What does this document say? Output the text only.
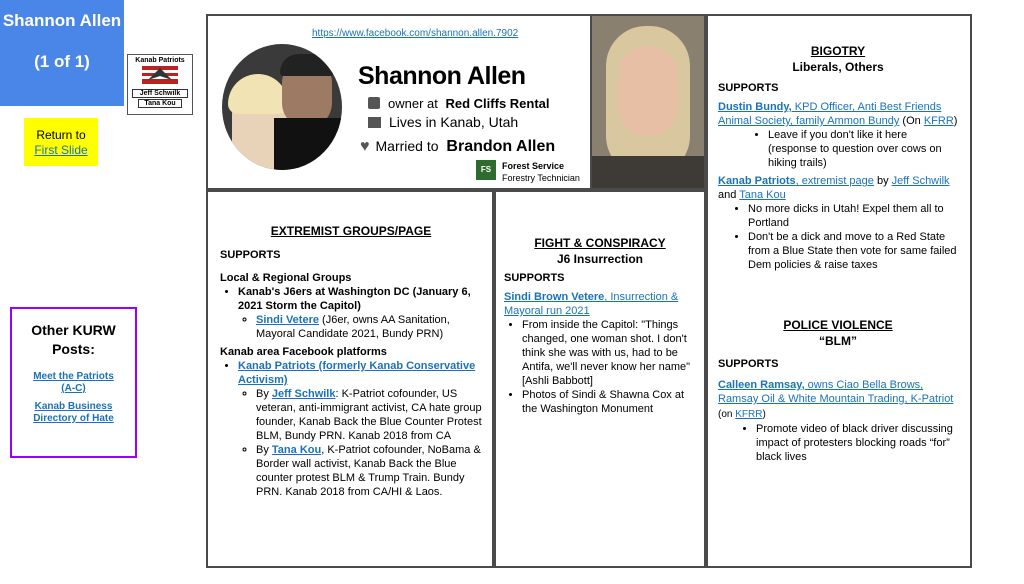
Shannon Allen
(1 of 1)	Kanab Patriots
Jeff Schwilk
Tana Kou
Return to
First Slide
Other KURW Posts:
Meet the Patriots (A-C)
Kanab Business Directory of Hate
https://www.facebook.com/shannon.allen.7902
Shannon Allen
owner at Red Cliffs Rental
Lives in Kanab, Utah
♥ Married to Brandon Allen
FS	Forest Service
Forestry Technician
EXTREMIST GROUPS/PAGE
SUPPORTS
Local & Regional Groups
• Kanab's J6ers at Washington DC (January 6, 2021 Storm the Capitol)
◦ Sindi Vetere (J6er, owns AA Sanitation, Mayoral Candidate 2021, Bundy PRN)
Kanab area Facebook platforms
• Kanab Patriots (formerly Kanab Conservative Activism)
◦ By Jeff Schwilk: K-Patriot cofounder, US veteran, anti-immigrant activist, CA hate group founder, Kanab Back the Blue Counter Protest BLM, Bundy PRN. Kanab 2018 from CA
◦ By Tana Kou, K-Patriot cofounder, NoBama & Border wall activist, Kanab Back the Blue counter protest BLM & Trump Train. Bundy PRN. Kanab 2018 from CA/HI & Laos.
FIGHT & CONSPIRACY
J6 Insurrection
SUPPORTS
Sindi Brown Vetere, Insurrection & Mayoral run 2021
• From inside the Capitol: "Things changed, one woman shot. I don't think she was with us, had to be Antifa, we'll never know her name" [Ashli Babbott]
• Photos of Sindi & Shawna Cox at the Washington Monument
BIGOTRY
Liberals, Others
SUPPORTS
Dustin Bundy, KPD Officer, Anti Best Friends Animal Society, family Ammon Bundy (On KFRR)
• Leave if you don't like it here (response to question over cows on hiking trails)
Kanab Patriots, extremist page by Jeff Schwilk and Tana Kou
• No more dicks in Utah! Expel them all to Portland
• Don't be a dick and move to a Red State from a Blue State then vote for same failed Dem policies & raise taxes
POLICE VIOLENCE
“BLM”
SUPPORTS
Calleen Ramsay, owns Ciao Bella Brows, Ramsay Oil & White Mountain Trading, K-Patriot (on KFRR)
• Promote video of black driver discussing impact of protesters blocking roads “for” black lives
